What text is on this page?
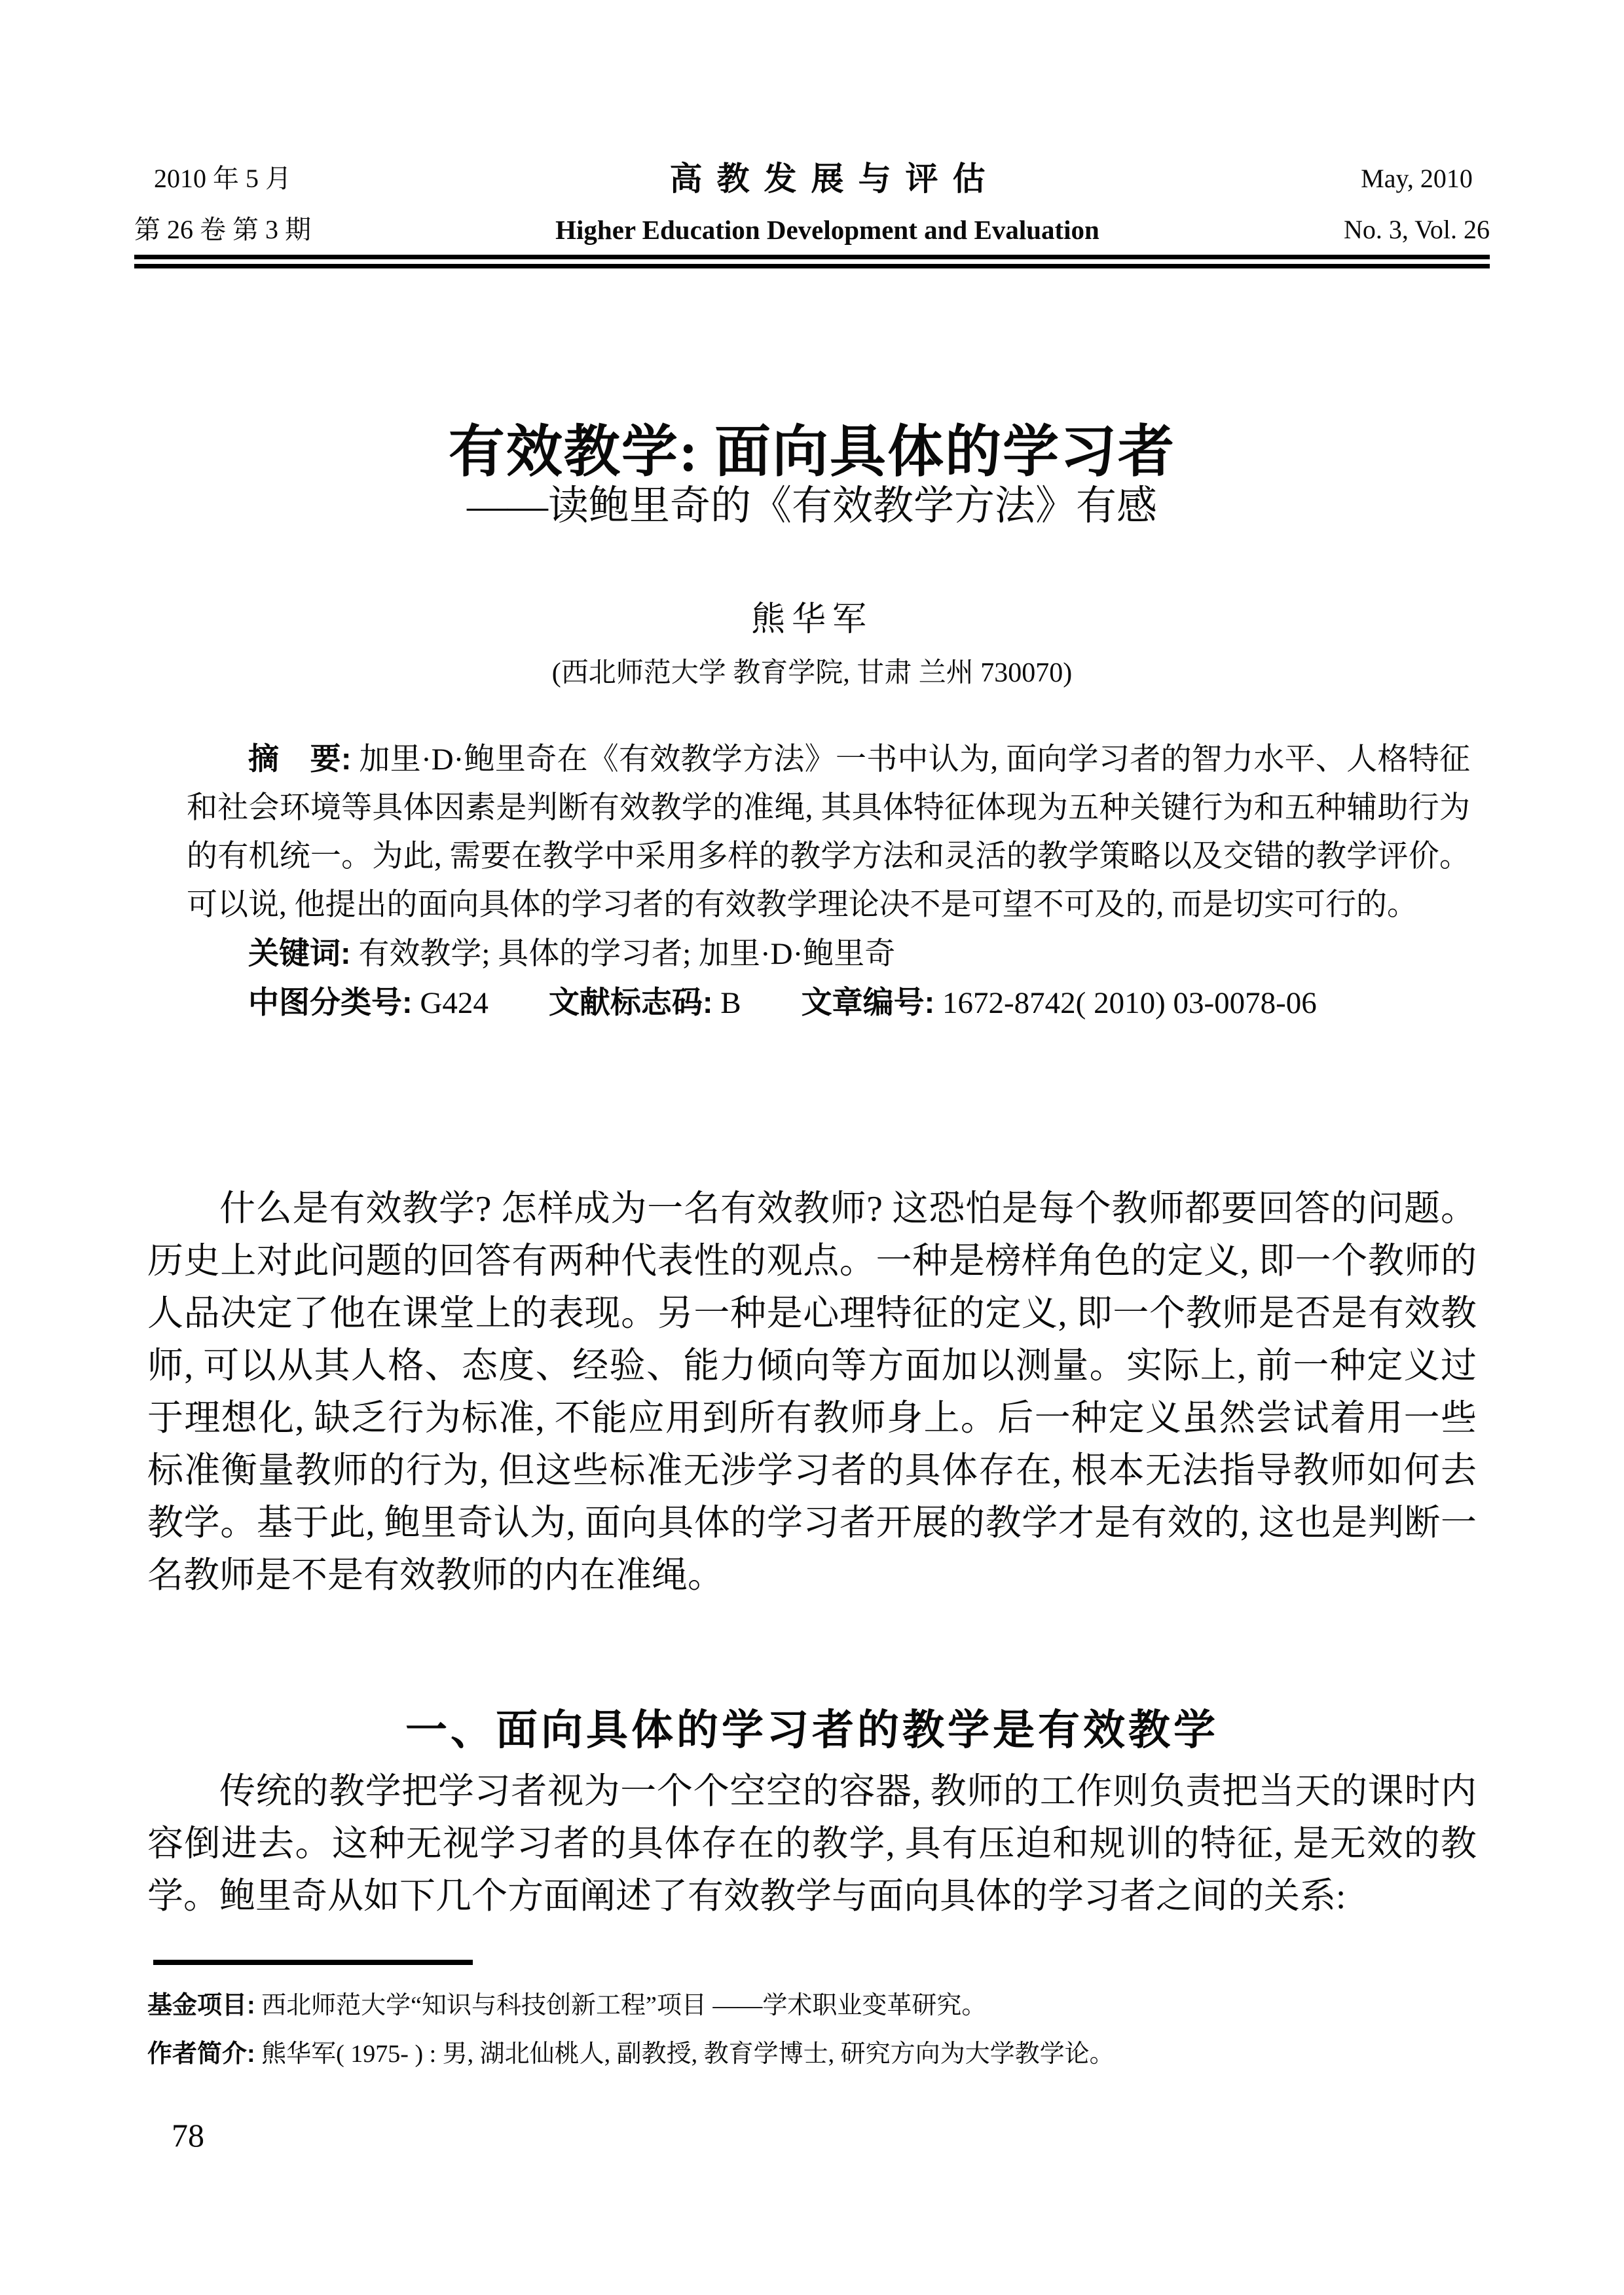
2010 年 5 月
第 26 卷 第 3 期
高教发展与评估
Higher Education Development and Evaluation
May, 2010
No. 3, Vol. 26
有效教学: 面向具体的学习者
——读鲍里奇的《有效教学方法》有感
熊华军
(西北师范大学 教育学院, 甘肃 兰州 730070)

摘　要: 加里·D·鲍里奇在《有效教学方法》一书中认为, 面向学习者的智力水平、人格特征和社会环境等具体因素是判断有效教学的准绳, 其具体特征体现为五种关键行为和五种辅助行为的有机统一。为此, 需要在教学中采用多样的教学方法和灵活的教学策略以及交错的教学评价。可以说, 他提出的面向具体的学习者的有效教学理论决不是可望不可及的, 而是切实可行的。

关键词: 有效教学; 具体的学习者; 加里·D·鲍里奇

中图分类号: G424 文献标志码: B 文章编号: 1672-8742( 2010) 03-0078-06

什么是有效教学? 怎样成为一名有效教师? 这恐怕是每个教师都要回答的问题。历史上对此问题的回答有两种代表性的观点。一种是榜样角色的定义, 即一个教师的人品决定了他在课堂上的表现。另一种是心理特征的定义, 即一个教师是否是有效教师, 可以从其人格、态度、经验、能力倾向等方面加以测量。实际上, 前一种定义过于理想化, 缺乏行为标准, 不能应用到所有教师身上。后一种定义虽然尝试着用一些标准衡量教师的行为, 但这些标准无涉学习者的具体存在, 根本无法指导教师如何去教学。基于此, 鲍里奇认为, 面向具体的学习者开展的教学才是有效的, 这也是判断一名教师是不是有效教师的内在准绳。

一、面向具体的学习者的教学是有效教学

传统的教学把学习者视为一个个空空的容器, 教师的工作则负责把当天的课时内容倒进去。这种无视学习者的具体存在的教学, 具有压迫和规训的特征, 是无效的教学。鲍里奇从如下几个方面阐述了有效教学与面向具体的学习者之间的关系:

基金项目: 西北师范大学“知识与科技创新工程”项目 ——学术职业变革研究。

作者简介: 熊华军( 1975- ) : 男, 湖北仙桃人, 副教授, 教育学博士, 研究方向为大学教学论。

78
